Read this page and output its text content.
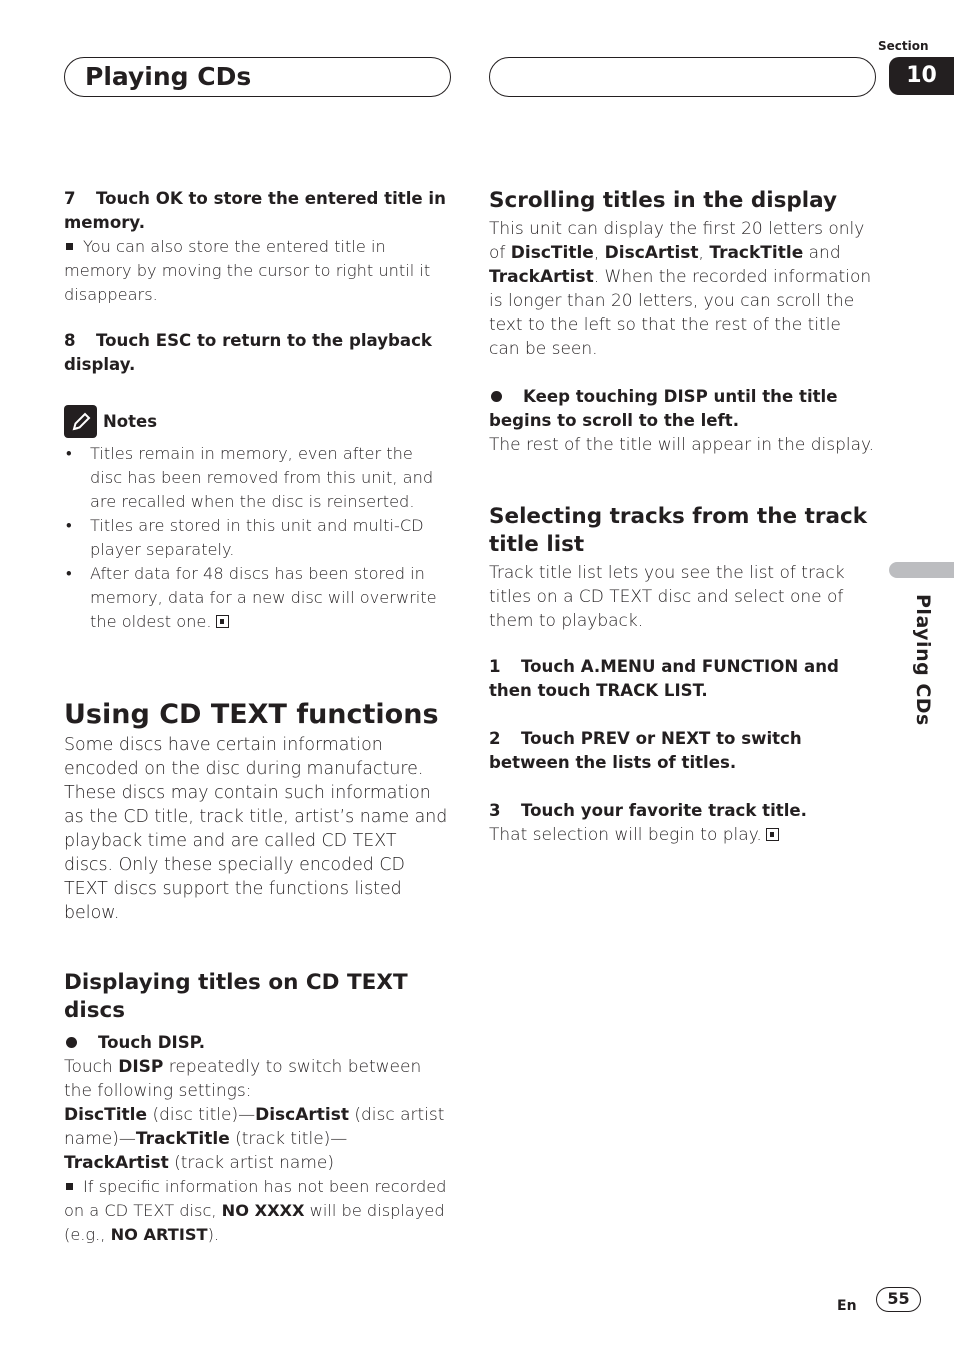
Playing CDs
Section
10
7 Touch OK to store the entered title in memory.
You can also store the entered title in memory by moving the cursor to right until it disappears.
8 Touch ESC to return to the playback display.
Notes
• Titles remain in memory, even after the disc has been removed from this unit, and are recalled when the disc is reinserted.
• Titles are stored in this unit and multi-CD player separately.
• After data for 48 discs has been stored in memory, data for a new disc will overwrite the oldest one.
Using CD TEXT functions
Some discs have certain information encoded on the disc during manufacture. These discs may contain such information as the CD title, track title, artist’s name and playback time and are called CD TEXT discs. Only these specially encoded CD TEXT discs support the functions listed below.
Displaying titles on CD TEXT discs
Touch DISP.
Touch DISP repeatedly to switch between the following settings:
DiscTitle (disc title)—DiscArtist (disc artist name)—TrackTitle (track title)—TrackArtist (track artist name)
If specific information has not been recorded on a CD TEXT disc, NO XXXX will be displayed (e.g., NO ARTIST).
Scrolling titles in the display
This unit can display the first 20 letters only of DiscTitle, DiscArtist, TrackTitle and TrackArtist. When the recorded information is longer than 20 letters, you can scroll the text to the left so that the rest of the title can be seen.
Keep touching DISP until the title begins to scroll to the left.
The rest of the title will appear in the display.
Selecting tracks from the track title list
Track title list lets you see the list of track titles on a CD TEXT disc and select one of them to playback.
1 Touch A.MENU and FUNCTION and then touch TRACK LIST.
2 Touch PREV or NEXT to switch between the lists of titles.
3 Touch your favorite track title.
That selection will begin to play.
Playing CDs
En	55
